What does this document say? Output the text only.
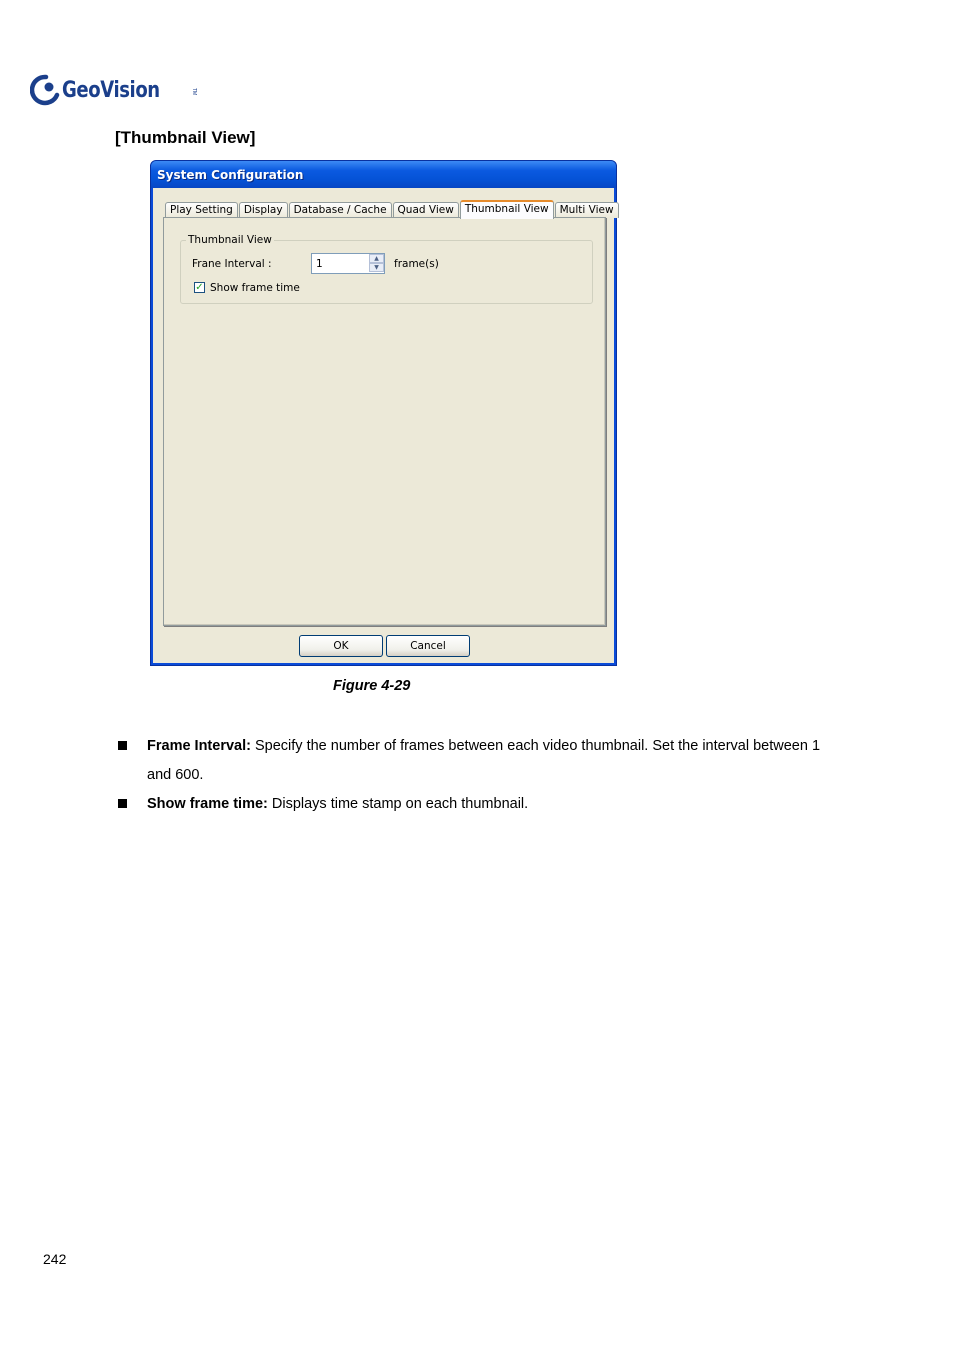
GeoVision	TM
[Thumbnail View]
System Configuration
Play Setting	Display	Database / Cache	Quad View	Thumbnail View	Multi View
Thumbnail View
Frane Interval :
1	▲
▼ frame(s)
✓ Show frame time
OK	Cancel

Figure 4-29

Frame Interval: Specify the number of frames between each video thumbnail. Set the interval between 1 and 600.
Show frame time: Displays time stamp on each thumbnail.
242
